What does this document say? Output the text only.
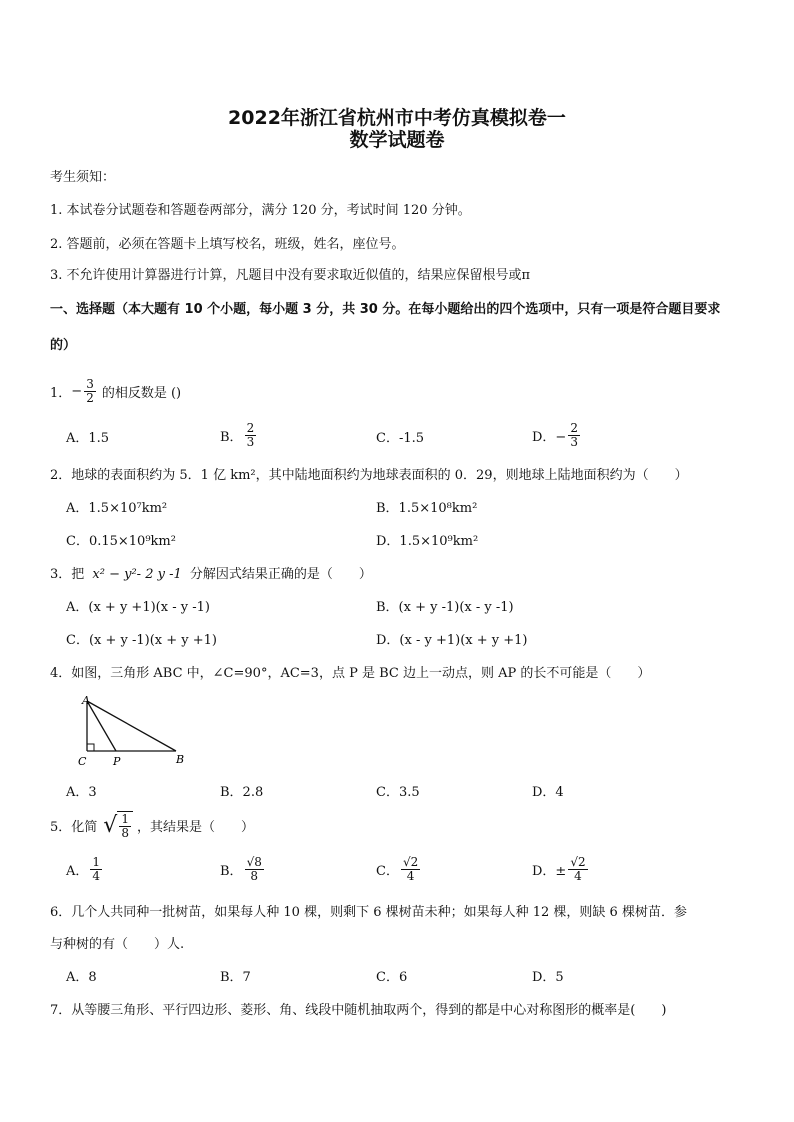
2022年浙江省杭州市中考仿真模拟卷一
数学试题卷
考生须知：
1. 本试卷分试题卷和答题卷两部分，满分 120 分，考试时间 120 分钟。
2. 答题前，必须在答题卡上填写校名，班级，姓名，座位号。
3. 不允许使用计算器进行计算，凡题目中没有要求取近似值的，结果应保留根号或π
一、选择题（本大题有 10 个小题，每小题 3 分，共 30 分。在每小题给出的四个选项中，只有一项是符合题目要求
的）
1． − $\frac{3}{2}$ 的相反数是 ()
A．1.5	B． $\frac{2}{3}$	C．-1.5	D．− $\frac{2}{3}$
2．地球的表面积约为 5．1 亿 km²，其中陆地面积约为地球表面积的 0．29，则地球上陆地面积约为（　　）
A．1.5×10⁷km²	B．1.5×10⁸km²
C．0.15×10⁹km²	D．1.5×10⁹km²
3．把 x² − y²- 2 y -1 分解因式结果正确的是（　　）
A．(x + y +1)(x - y -1)	B．(x + y -1)(x - y -1)
C．(x + y -1)(x + y +1)	D．(x - y +1)(x + y +1)
4．如图，三角形 ABC 中，∠C=90°，AC=3，点 P 是 BC 边上一动点，则 AP 的长不可能是（　　）
A
C P	B
A．3	B．2.8	C．3.5	D．4
5．化简 √ $\frac{1}{8}$ ，其结果是（　　）
A． $\frac{1}{4}$	B． $\frac{√8}{8}$	C． $\frac{√2}{4}$	D．± $\frac{√2}{4}$
6．几个人共同种一批树苗，如果每人种 10 棵，则剩下 6 棵树苗未种；如果每人种 12 棵，则缺 6 棵树苗．参
与种树的有（　　）人.
A．8	B．7	C．6	D．5
7．从等腰三角形、平行四边形、菱形、角、线段中随机抽取两个，得到的都是中心对称图形的概率是(　　)
